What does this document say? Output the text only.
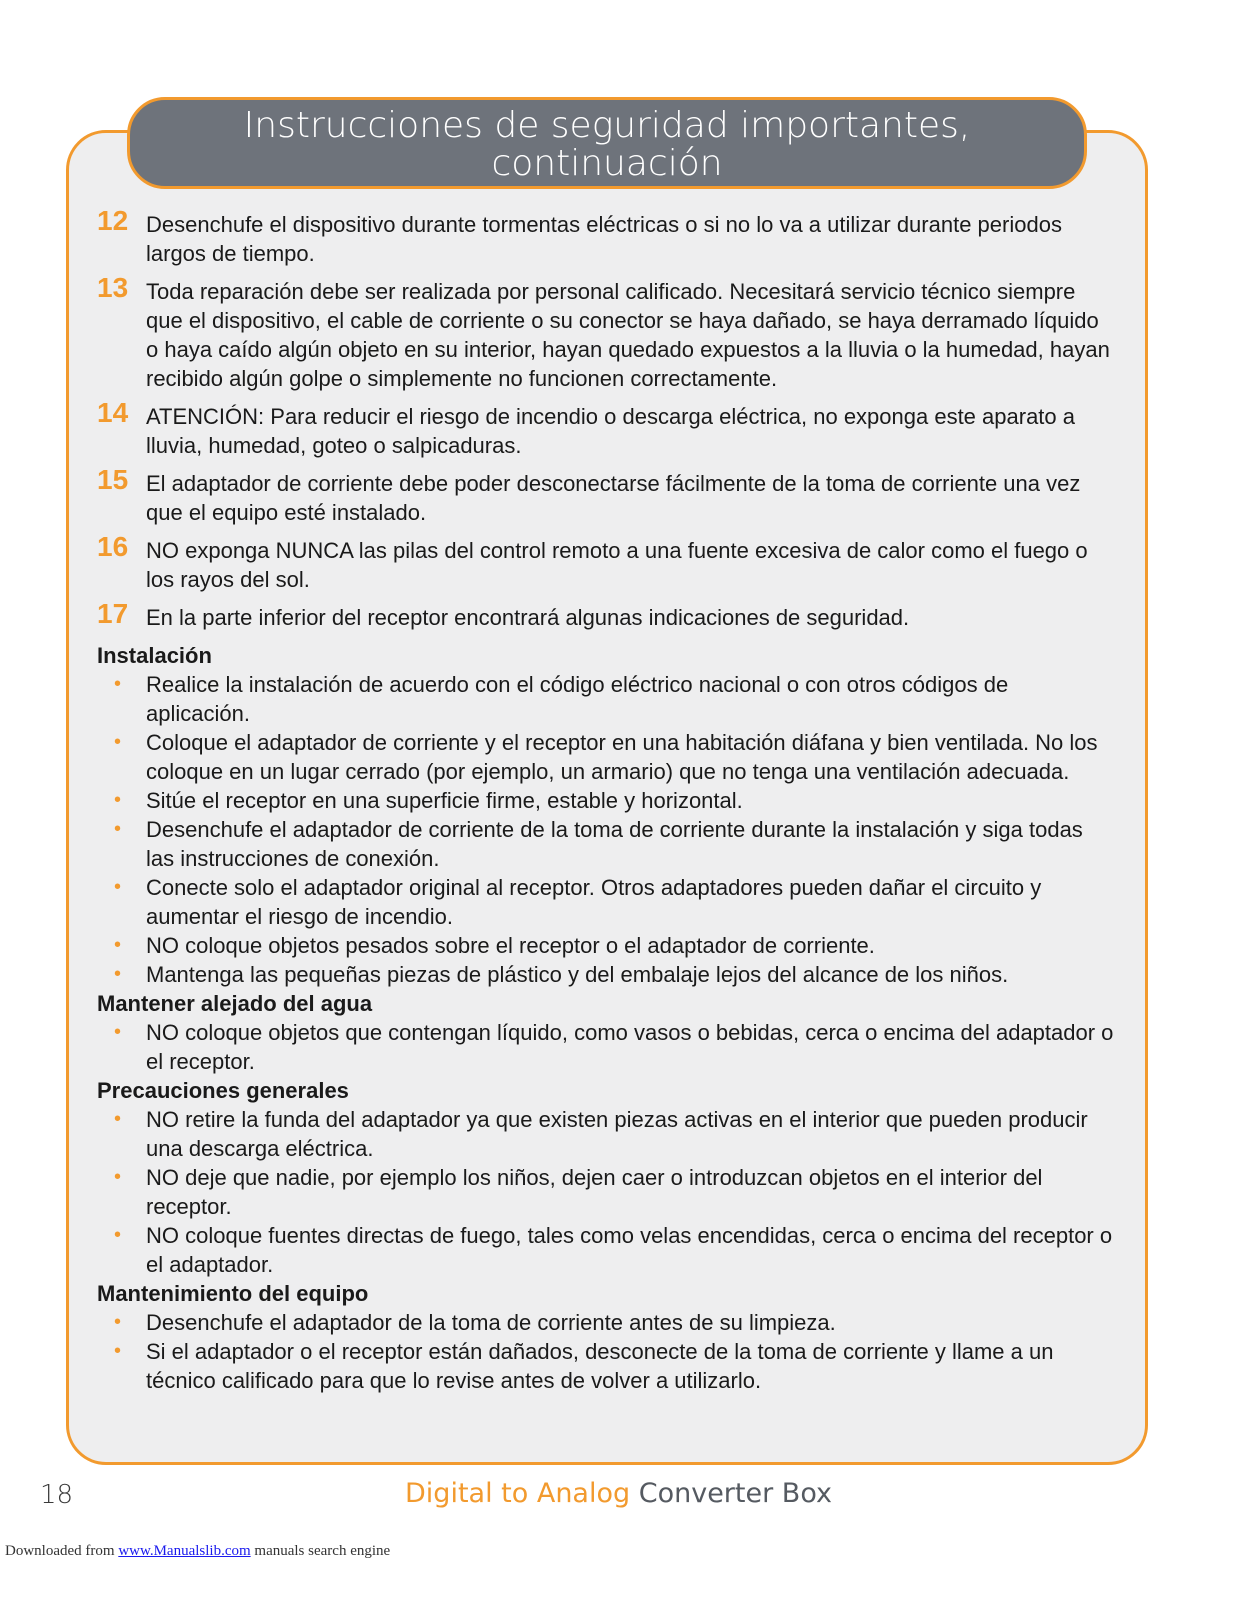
Instrucciones de seguridad importantes,
continuación
12 Desenchufe el dispositivo durante tormentas eléctricas o si no lo va a utilizar durante periodos largos de tiempo.
13 Toda reparación debe ser realizada por personal calificado. Necesitará servicio técnico siempre que el dispositivo, el cable de corriente o su conector se haya dañado, se haya derramado líquido o haya caído algún objeto en su interior, hayan quedado expuestos a la lluvia o la humedad, hayan recibido algún golpe o simplemente no funcionen correctamente.
14 ATENCIÓN: Para reducir el riesgo de incendio o descarga eléctrica, no exponga este aparato a lluvia, humedad, goteo o salpicaduras.
15 El adaptador de corriente debe poder desconectarse fácilmente de la toma de corriente una vez que el equipo esté instalado.
16 NO exponga NUNCA las pilas del control remoto a una fuente excesiva de calor como el fuego o los rayos del sol.
17 En la parte inferior del receptor encontrará algunas indicaciones de seguridad.

Instalación

• Realice la instalación de acuerdo con el código eléctrico nacional o con otros códigos de aplicación.
• Coloque el adaptador de corriente y el receptor en una habitación diáfana y bien ventilada. No los coloque en un lugar cerrado (por ejemplo, un armario) que no tenga una ventilación adecuada.
• Sitúe el receptor en una superficie firme, estable y horizontal.
• Desenchufe el adaptador de corriente de la toma de corriente durante la instalación y siga todas las instrucciones de conexión.
• Conecte solo el adaptador original al receptor. Otros adaptadores pueden dañar el circuito y aumentar el riesgo de incendio.
• NO coloque objetos pesados sobre el receptor o el adaptador de corriente.
• Mantenga las pequeñas piezas de plástico y del embalaje lejos del alcance de los niños.

Mantener alejado del agua

• NO coloque objetos que contengan líquido, como vasos o bebidas, cerca o encima del adaptador o el receptor.

Precauciones generales

• NO retire la funda del adaptador ya que existen piezas activas en el interior que pueden producir una descarga eléctrica.
• NO deje que nadie, por ejemplo los niños, dejen caer o introduzcan objetos en el interior del receptor.
• NO coloque fuentes directas de fuego, tales como velas encendidas, cerca o encima del receptor o el adaptador.

Mantenimiento del equipo

• Desenchufe el adaptador de la toma de corriente antes de su limpieza.
• Si el adaptador o el receptor están dañados, desconecte de la toma de corriente y llame a un técnico calificado para que lo revise antes de volver a utilizarlo.
18	Digital to Analog Converter Box
Downloaded from www.Manualslib.com manuals search engine
